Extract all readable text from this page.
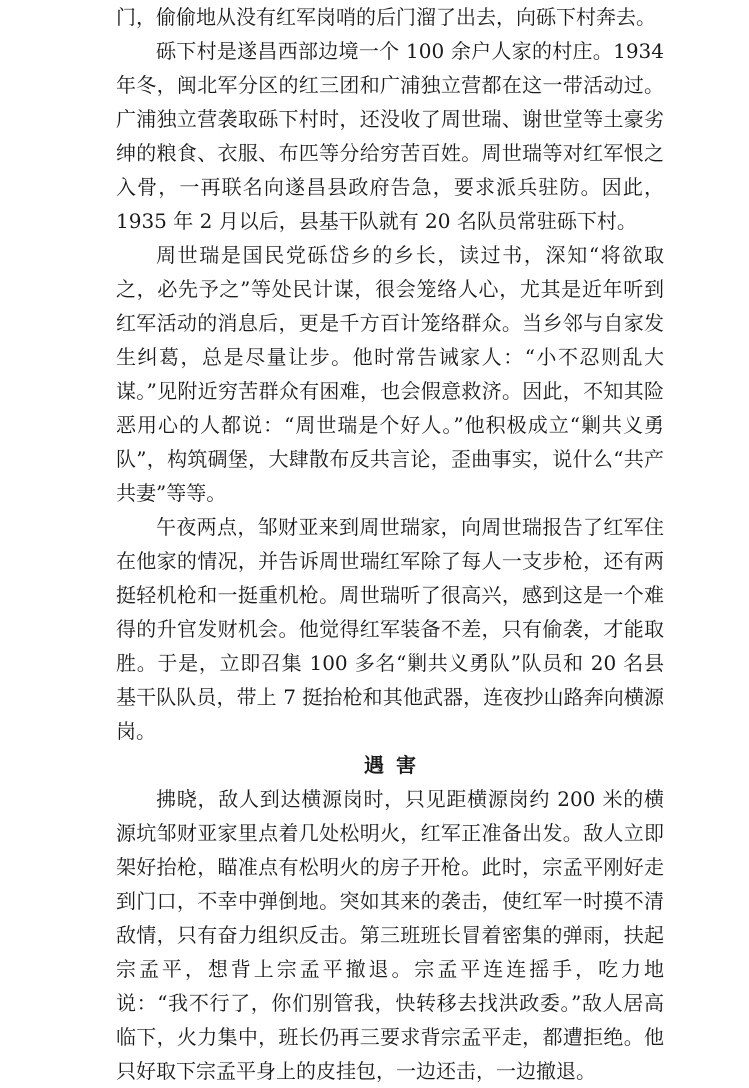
门，偷偷地从没有红军岗哨的后门溜了出去，向砾下村奔去。

砾下村是遂昌西部边境一个 100 余户人家的村庄。1934 年冬，闽北军分区的红三团和广浦独立营都在这一带活动过。广浦独立营袭取砾下村时，还没收了周世瑞、谢世堂等土豪劣绅的粮食、衣服、布匹等分给穷苦百姓。周世瑞等对红军恨之入骨，一再联名向遂昌县政府告急，要求派兵驻防。因此，1935 年 2 月以后，县基干队就有 20 名队员常驻砾下村。

周世瑞是国民党砾岱乡的乡长，读过书，深知“将欲取之，必先予之”等处民计谋，很会笼络人心，尤其是近年听到红军活动的消息后，更是千方百计笼络群众。当乡邻与自家发生纠葛，总是尽量让步。他时常告诫家人：“小不忍则乱大谋。”见附近穷苦群众有困难，也会假意救济。因此，不知其险恶用心的人都说：“周世瑞是个好人。”他积极成立“剿共义勇队”，构筑碉堡，大肆散布反共言论，歪曲事实，说什么“共产共妻”等等。

午夜两点，邹财亚来到周世瑞家，向周世瑞报告了红军住在他家的情况，并告诉周世瑞红军除了每人一支步枪，还有两挺轻机枪和一挺重机枪。周世瑞听了很高兴，感到这是一个难得的升官发财机会。他觉得红军装备不差，只有偷袭，才能取胜。于是，立即召集 100 多名“剿共义勇队”队员和 20 名县基干队队员，带上 7 挺抬枪和其他武器，连夜抄山路奔向横源岗。

遇害

拂晓，敌人到达横源岗时，只见距横源岗约 200 米的横源坑邹财亚家里点着几处松明火，红军正准备出发。敌人立即架好抬枪，瞄准点有松明火的房子开枪。此时，宗孟平刚好走到门口，不幸中弹倒地。突如其来的袭击，使红军一时摸不清敌情，只有奋力组织反击。第三班班长冒着密集的弹雨，扶起宗孟平，想背上宗孟平撤退。宗孟平连连摇手，吃力地说：“我不行了，你们别管我，快转移去找洪政委。”敌人居高临下，火力集中，班长仍再三要求背宗孟平走，都遭拒绝。他只好取下宗孟平身上的皮挂包，一边还击，一边撤退。
